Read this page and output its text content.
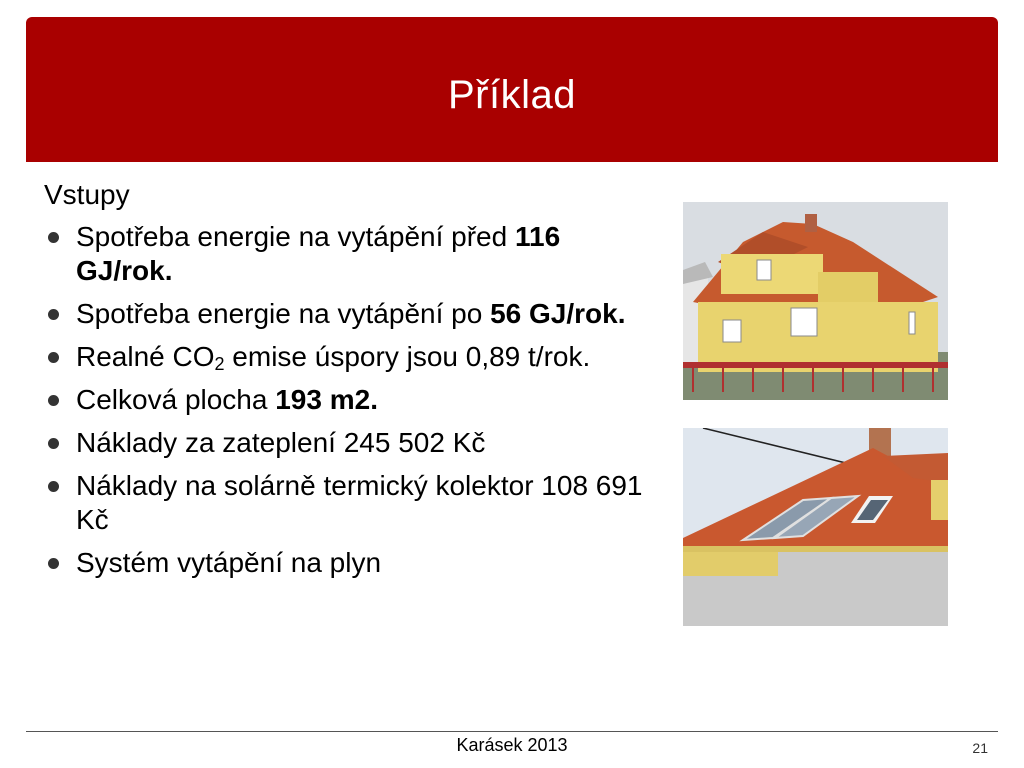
Příklad
Vstupy
Spotřeba energie na vytápění před 116 GJ/rok.
Spotřeba energie na vytápění po 56 GJ/rok.
Realné $CO_2$ emise úspory jsou 0,89 t/rok.
Celková plocha 193 m2.
Náklady za zateplení 245 502 Kč
Náklady na solárně termický kolektor 108 691 Kč
Systém vytápění na plyn
Karásek 2013	21
